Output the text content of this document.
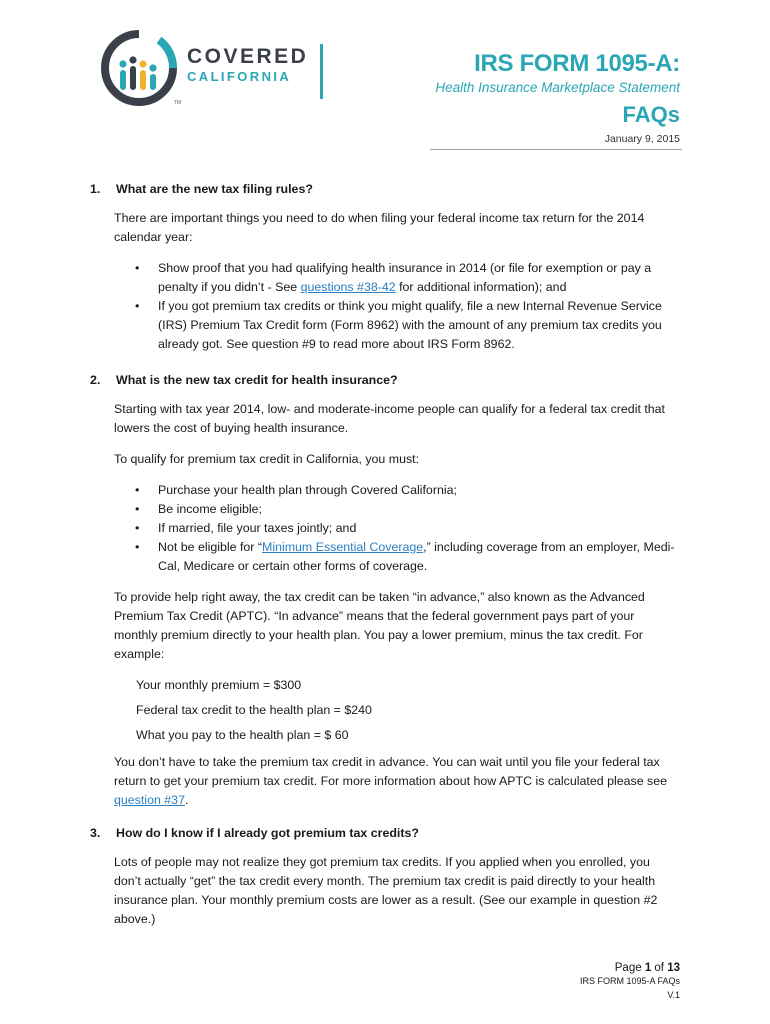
COVERED
CALIFORNIA
TM
IRS FORM 1095-A:
Health Insurance Marketplace Statement
FAQs
January 9, 2015
1. What are the new tax filing rules?
There are important things you need to do when filing your federal income tax return for the 2014 calendar year:
• Show proof that you had qualifying health insurance in 2014 (or file for exemption or pay a penalty if you didn’t - See questions #38-42 for additional information); and
• If you got premium tax credits or think you might qualify, file a new Internal Revenue Service (IRS) Premium Tax Credit form (Form 8962) with the amount of any premium tax credits you already got. See question #9 to read more about IRS Form 8962.
2. What is the new tax credit for health insurance?
Starting with tax year 2014, low- and moderate-income people can qualify for a federal tax credit that lowers the cost of buying health insurance.
To qualify for premium tax credit in California, you must:
• Purchase your health plan through Covered California;
• Be income eligible;
• If married, file your taxes jointly; and
• Not be eligible for “Minimum Essential Coverage,” including coverage from an employer, Medi-Cal, Medicare or certain other forms of coverage.
To provide help right away, the tax credit can be taken “in advance,” also known as the Advanced Premium Tax Credit (APTC). “In advance” means that the federal government pays part of your monthly premium directly to your health plan. You pay a lower premium, minus the tax credit. For example:
Your monthly premium = $300
Federal tax credit to the health plan = $240
What you pay to the health plan = $ 60
You don’t have to take the premium tax credit in advance. You can wait until you file your federal tax return to get your premium tax credit. For more information about how APTC is calculated please see question #37.
3. How do I know if I already got premium tax credits?
Lots of people may not realize they got premium tax credits. If you applied when you enrolled, you don’t actually “get” the tax credit every month. The premium tax credit is paid directly to your health insurance plan. Your monthly premium costs are lower as a result. (See our example in question #2 above.)
Page 1 of 13
IRS FORM 1095-A FAQs
V.1
